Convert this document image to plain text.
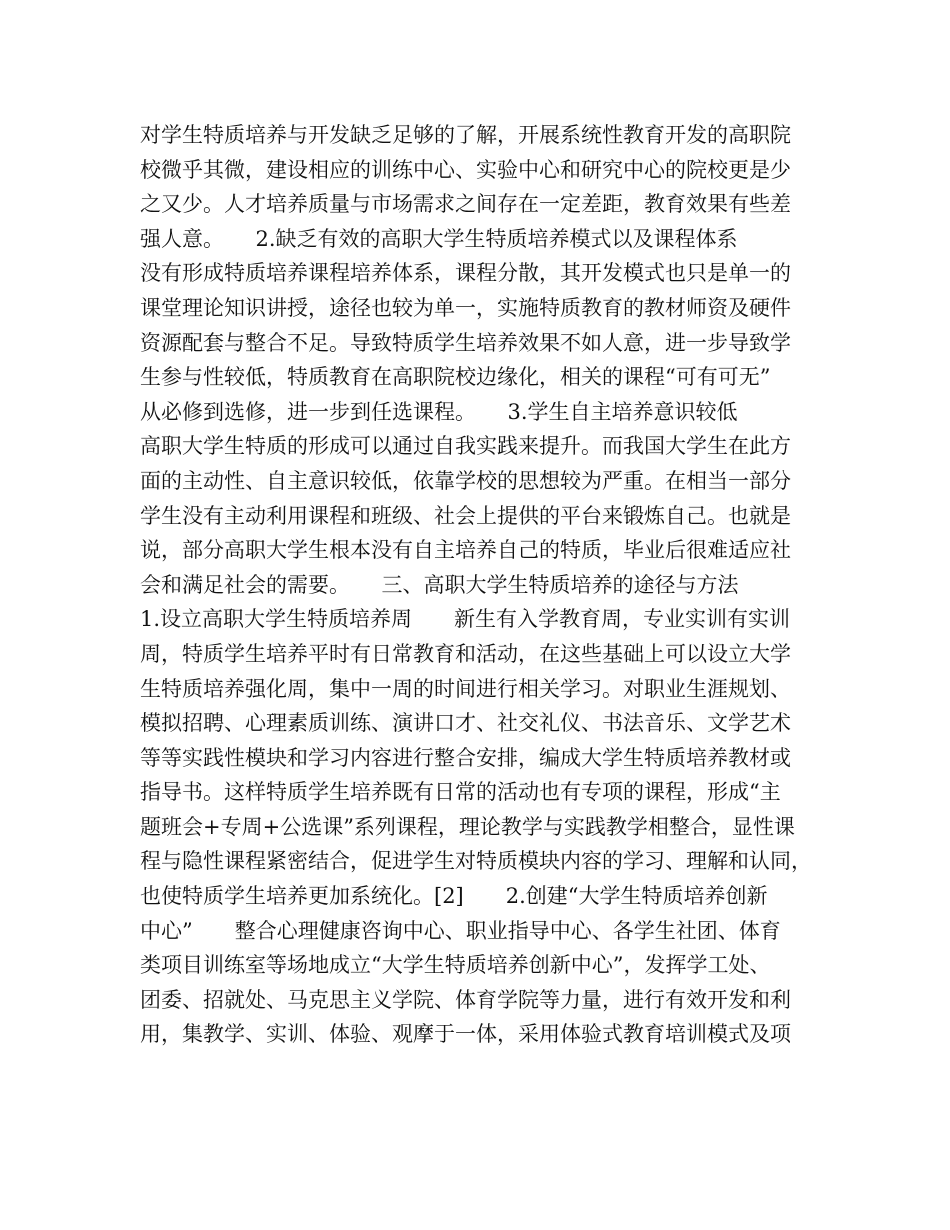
对学生特质培养与开发缺乏足够的了解，开展系统性教育开发的高职院
校微乎其微，建设相应的训练中心、实验中心和研究中心的院校更是少
之又少。人才培养质量与市场需求之间存在一定差距，教育效果有些差
强人意。　　2.缺乏有效的高职大学生特质培养模式以及课程体系
没有形成特质培养课程培养体系，课程分散，其开发模式也只是单一的
课堂理论知识讲授，途径也较为单一，实施特质教育的教材师资及硬件
资源配套与整合不足。导致特质学生培养效果不如人意，进一步导致学
生参与性较低，特质教育在高职院校边缘化，相关的课程“可有可无”
从必修到选修，进一步到任选课程。　　3.学生自主培养意识较低
高职大学生特质的形成可以通过自我实践来提升。而我国大学生在此方
面的主动性、自主意识较低，依靠学校的思想较为严重。在相当一部分
学生没有主动利用课程和班级、社会上提供的平台来锻炼自己。也就是
说，部分高职大学生根本没有自主培养自己的特质，毕业后很难适应社
会和满足社会的需要。　　三、高职大学生特质培养的途径与方法
1.设立高职大学生特质培养周　　新生有入学教育周，专业实训有实训
周，特质学生培养平时有日常教育和活动，在这些基础上可以设立大学
生特质培养强化周，集中一周的时间进行相关学习。对职业生涯规划、
模拟招聘、心理素质训练、演讲口才、社交礼仪、书法音乐、文学艺术
等等实践性模块和学习内容进行整合安排，编成大学生特质培养教材或
指导书。这样特质学生培养既有日常的活动也有专项的课程，形成“主
题班会+专周+公选课”系列课程，理论教学与实践教学相整合，显性课
程与隐性课程紧密结合，促进学生对特质模块内容的学习、理解和认同，
也使特质学生培养更加系统化。[2]　　2.创建“大学生特质培养创新
中心”　　整合心理健康咨询中心、职业指导中心、各学生社团、体育
类项目训练室等场地成立“大学生特质培养创新中心”，发挥学工处、
团委、招就处、马克思主义学院、体育学院等力量，进行有效开发和利
用，集教学、实训、体验、观摩于一体，采用体验式教育培训模式及项
